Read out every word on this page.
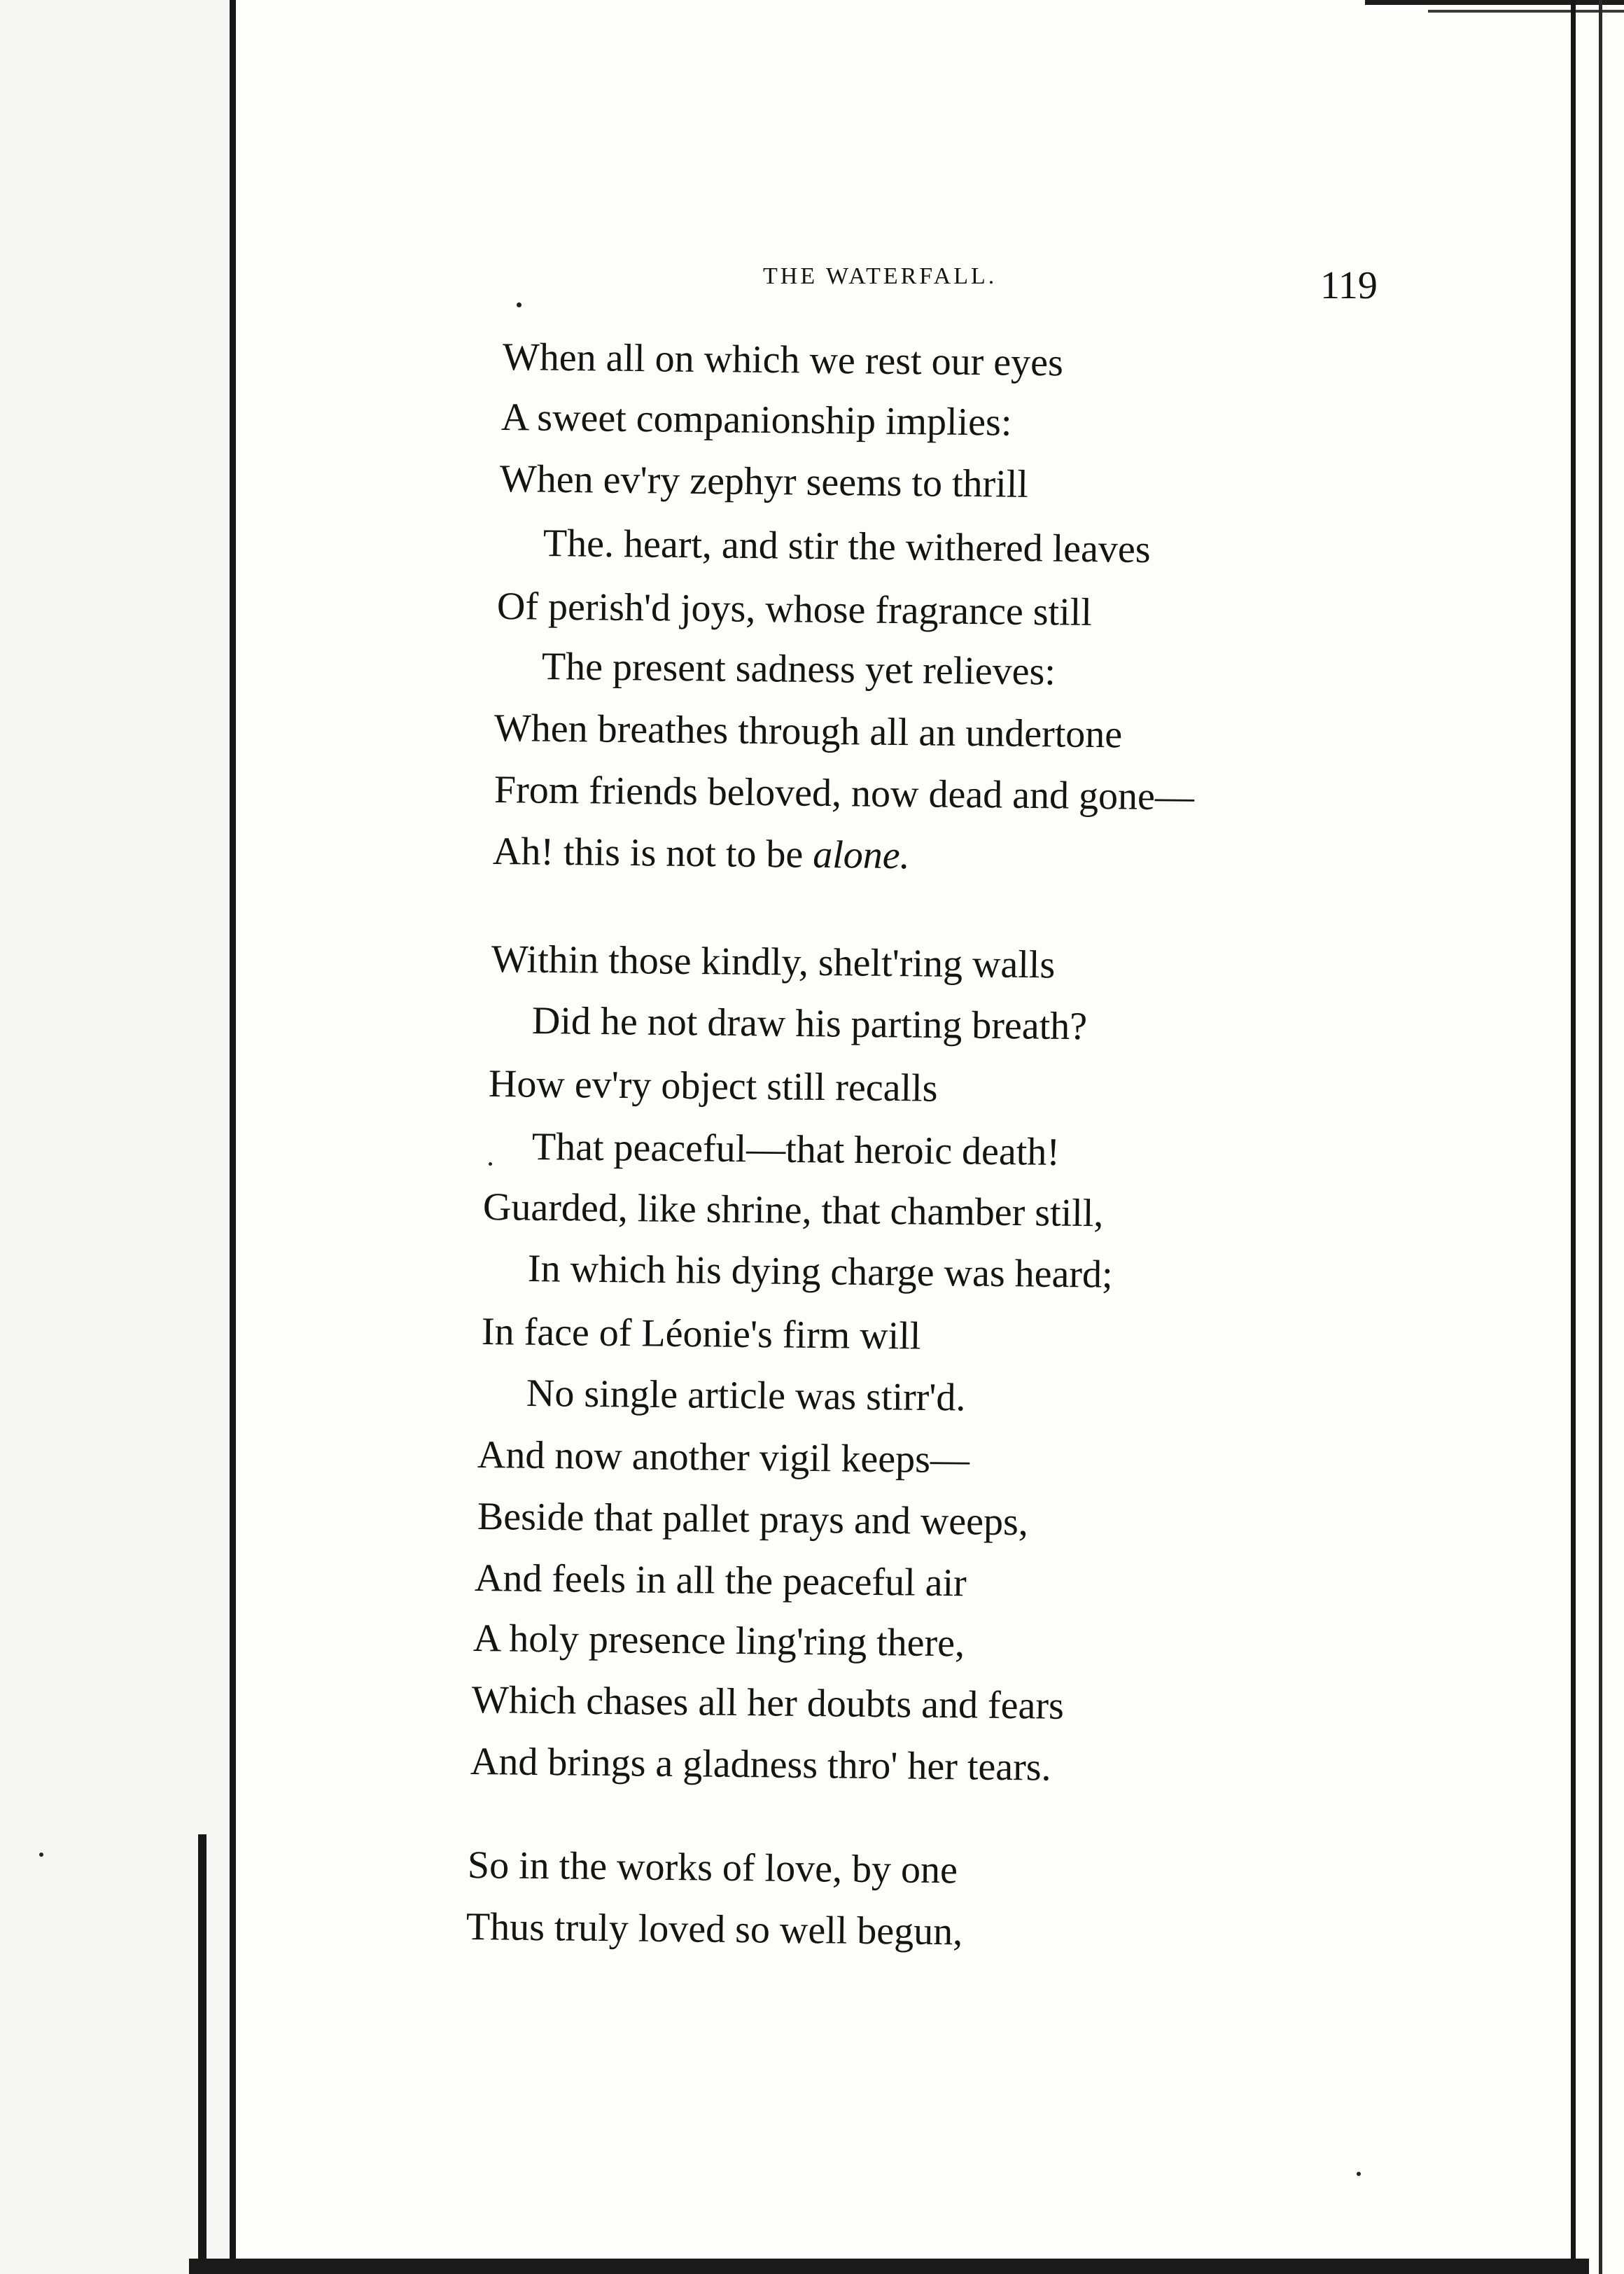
THE WATERFALL.	119
When all on which we rest our eyes
A sweet companionship implies:
When ev'ry zephyr seems to thrill
The. heart, and stir the withered leaves
Of perish'd joys, whose fragrance still
The present sadness yet relieves:
When breathes through all an undertone
From friends beloved, now dead and gone—
Ah! this is not to be alone.
Within those kindly, shelt'ring walls
Did he not draw his parting breath?
How ev'ry object still recalls
That peaceful—that heroic death!
Guarded, like shrine, that chamber still,
In which his dying charge was heard;
In face of Léonie's firm will
No single article was stirr'd.
And now another vigil keeps—
Beside that pallet prays and weeps,
And feels in all the peaceful air
A holy presence ling'ring there,
Which chases all her doubts and fears
And brings a gladness thro' her tears.
So in the works of love, by one
Thus truly loved so well begun,
